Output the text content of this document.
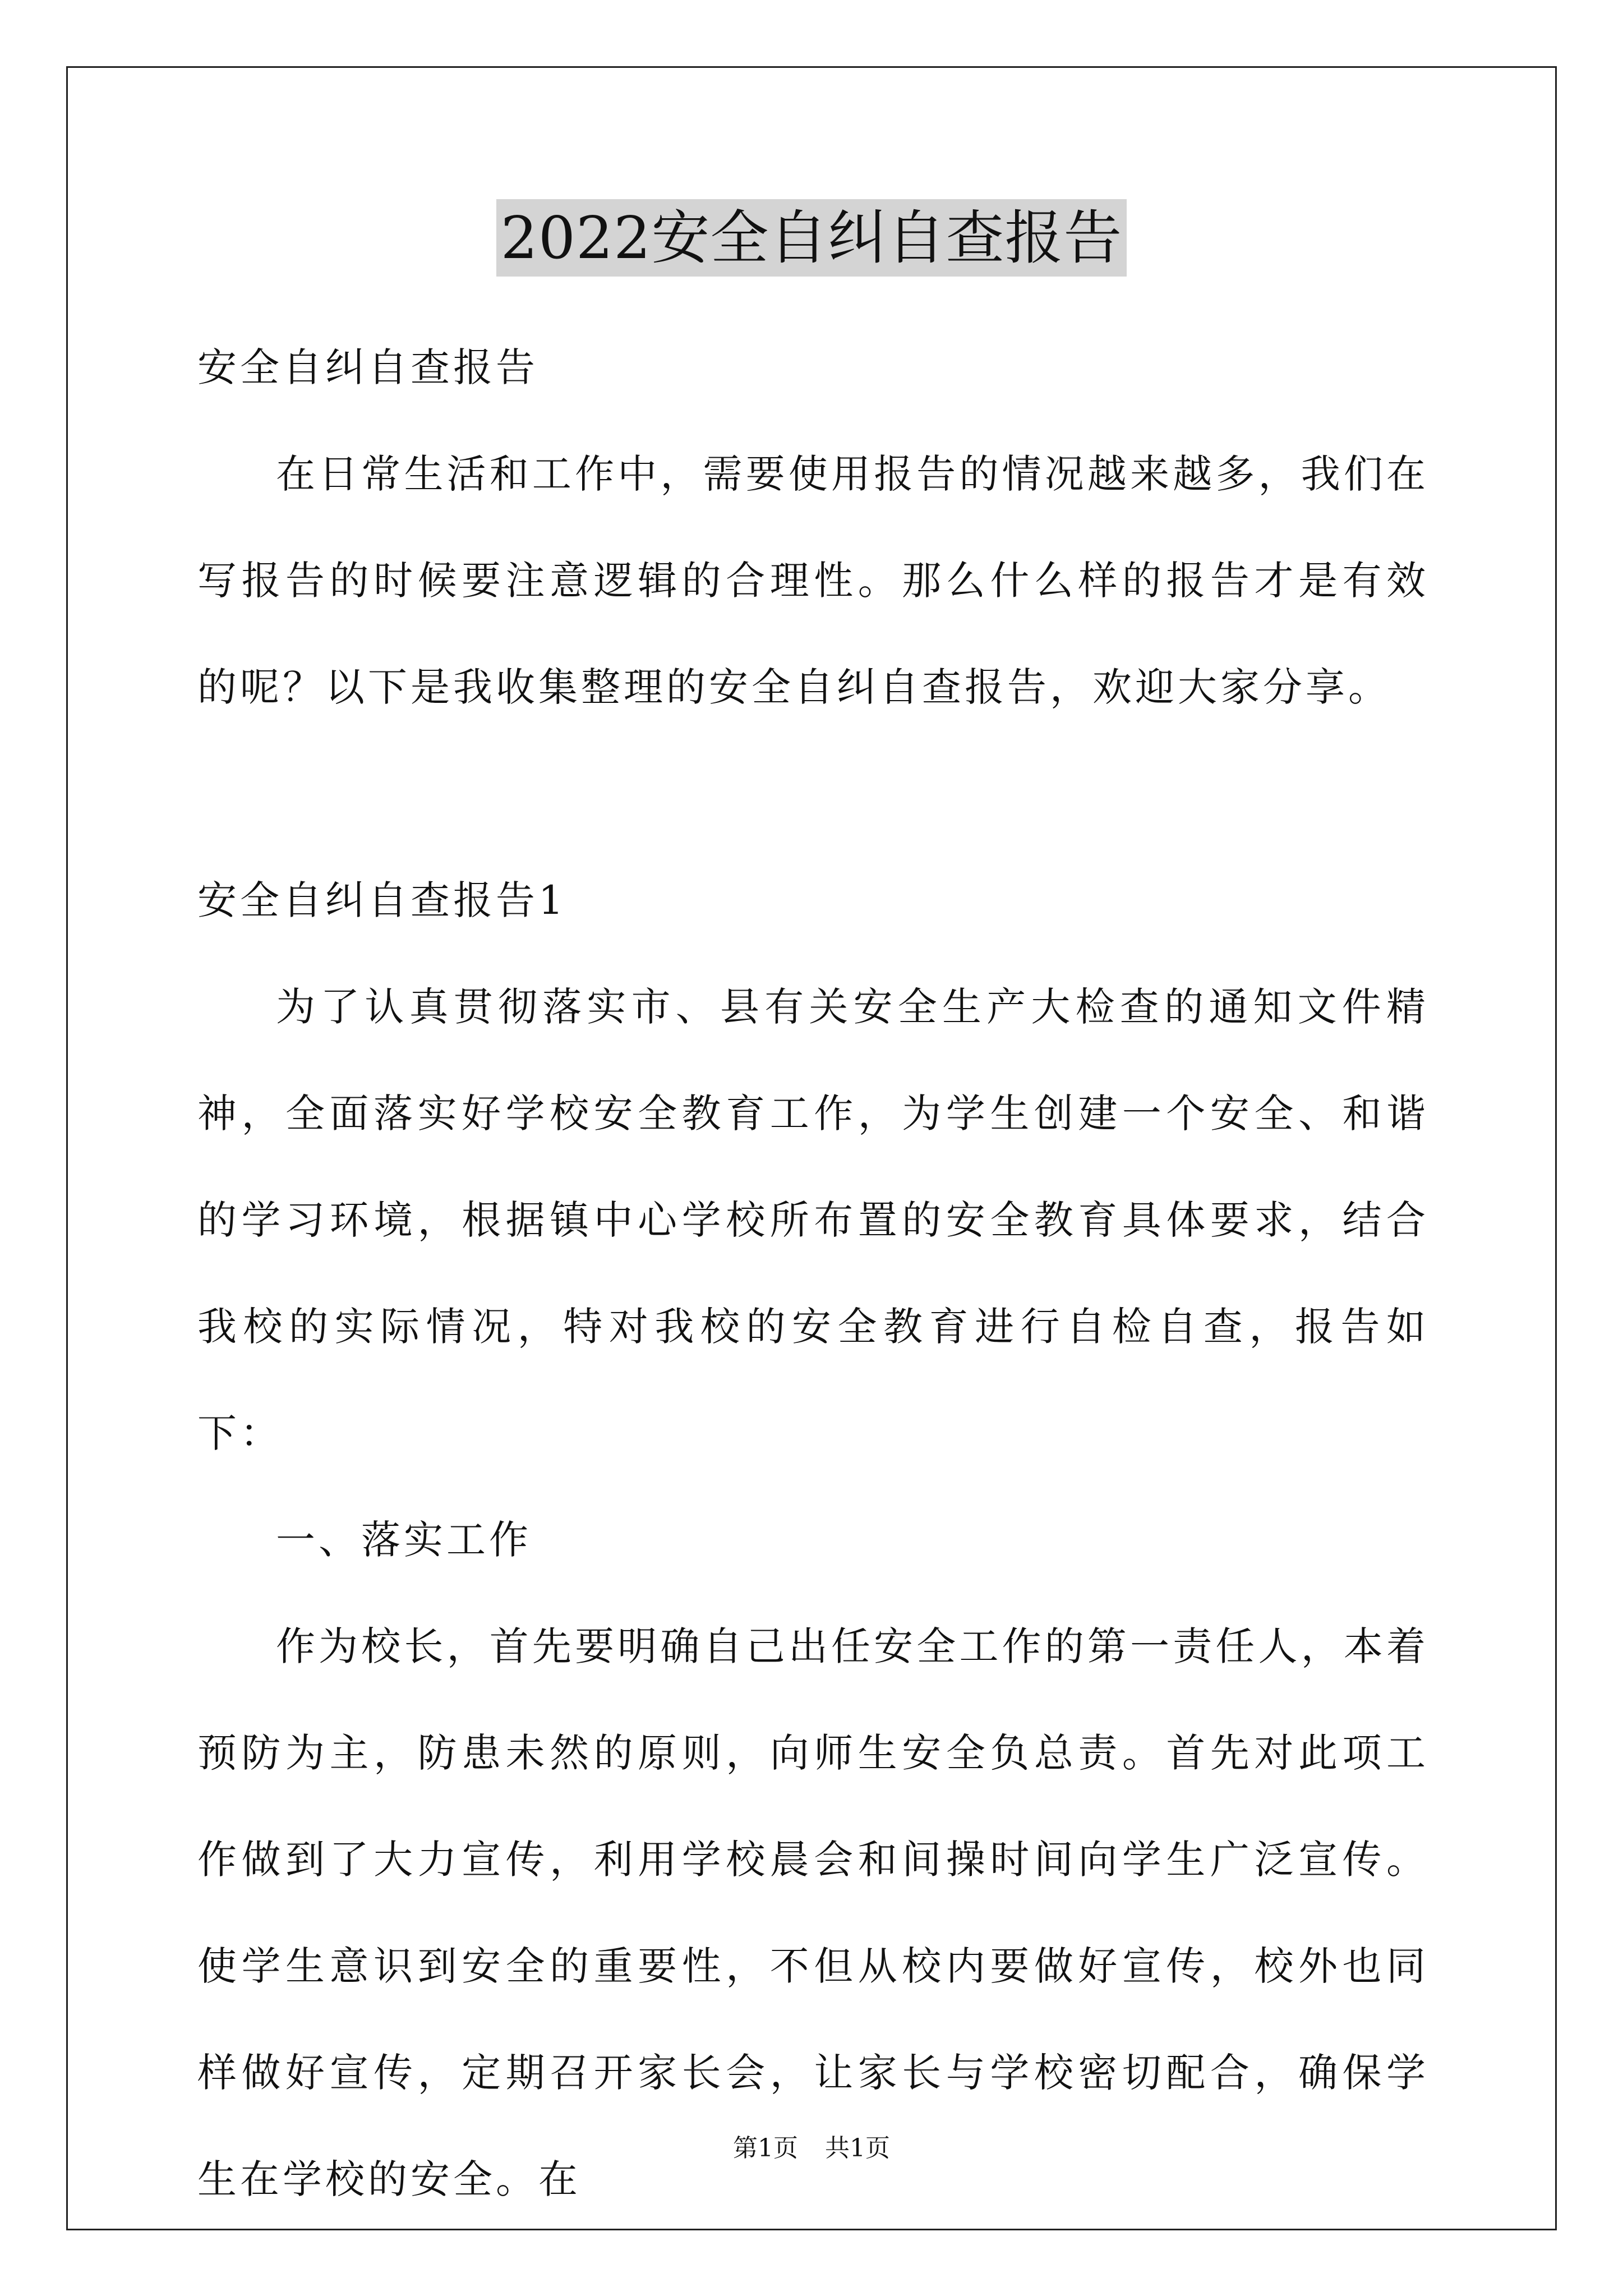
2022安全自纠自查报告

安全自纠自查报告

在日常生活和工作中，需要使用报告的情况越来越多，我们在写报告的时候要注意逻辑的合理性。那么什么样的报告才是有效的呢？以下是我收集整理的安全自纠自查报告，欢迎大家分享。

安全自纠自查报告1

为了认真贯彻落实市、县有关安全生产大检查的通知文件精神，全面落实好学校安全教育工作，为学生创建一个安全、和谐的学习环境，根据镇中心学校所布置的安全教育具体要求，结合我校的实际情况，特对我校的安全教育进行自检自查，报告如下：

一、落实工作

作为校长，首先要明确自己出任安全工作的第一责任人，本着预防为主，防患未然的原则，向师生安全负总责。首先对此项工作做到了大力宣传，利用学校晨会和间操时间向学生广泛宣传。使学生意识到安全的重要性，不但从校内要做好宣传，校外也同样做好宣传，定期召开家长会，让家长与学校密切配合，确保学生在学校的安全。在

第1页 共1页
